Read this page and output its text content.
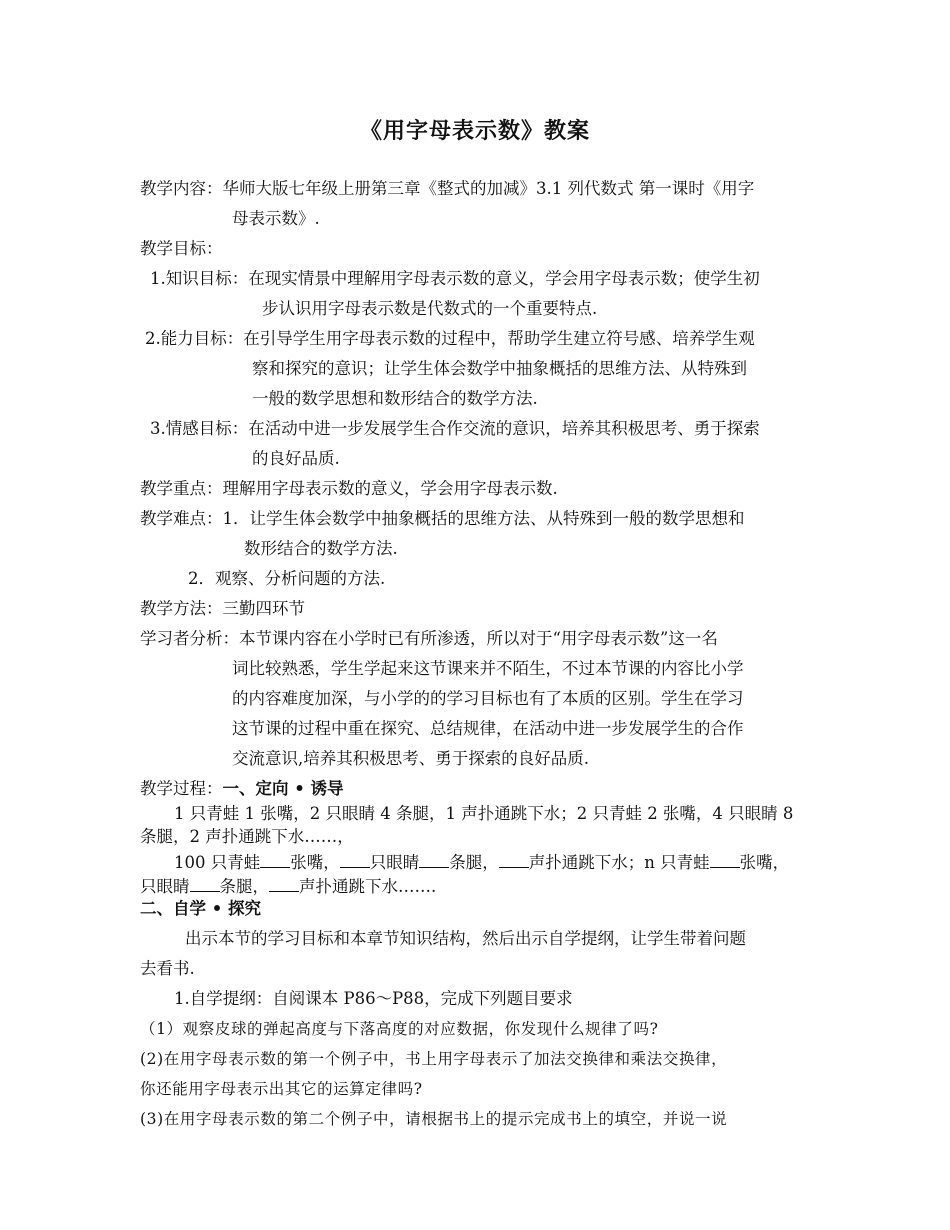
《用字母表示数》教案
教学内容：华师大版七年级上册第三章《整式的加减》3.1 列代数式 第一课时《用字
母表示数》.
教学目标：
1.知识目标：在现实情景中理解用字母表示数的意义，学会用字母表示数；使学生初
步认识用字母表示数是代数式的一个重要特点.
2.能力目标：在引导学生用字母表示数的过程中，帮助学生建立符号感、培养学生观
察和探究的意识；让学生体会数学中抽象概括的思维方法、从特殊到
一般的数学思想和数形结合的数学方法.
3.情感目标：在活动中进一步发展学生合作交流的意识，培养其积极思考、勇于探索
的良好品质.
教学重点：理解用字母表示数的意义，学会用字母表示数.
教学难点：1．让学生体会数学中抽象概括的思维方法、从特殊到一般的数学思想和
数形结合的数学方法.
2．观察、分析问题的方法.
教学方法：三勤四环节
学习者分析：本节课内容在小学时已有所渗透，所以对于“用字母表示数”这一名
词比较熟悉，学生学起来这节课来并不陌生，不过本节课的内容比小学
的内容难度加深，与小学的的学习目标也有了本质的区别。学生在学习
这节课的过程中重在探究、总结规律，在活动中进一步发展学生的合作
交流意识,培养其积极思考、勇于探索的良好品质.
教学过程：一、定向 • 诱导
1 只青蛙 1 张嘴，2 只眼睛 4 条腿，1 声扑通跳下水；2 只青蛙 2 张嘴，4 只眼睛 8
条腿，2 声扑通跳下水……，
100 只青蛙 张嘴， 只眼睛 条腿， 声扑通跳下水；n 只青蛙 张嘴，
只眼睛 条腿， 声扑通跳下水…….
二、自学 • 探究
出示本节的学习目标和本章节知识结构，然后出示自学提纲，让学生带着问题
去看书.
1.自学提纲：自阅课本 P86～P88，完成下列题目要求
（1）观察皮球的弹起高度与下落高度的对应数据，你发现什么规律了吗?
(2)在用字母表示数的第一个例子中，书上用字母表示了加法交换律和乘法交换律，
你还能用字母表示出其它的运算定律吗?
(3)在用字母表示数的第二个例子中，请根据书上的提示完成书上的填空，并说一说
